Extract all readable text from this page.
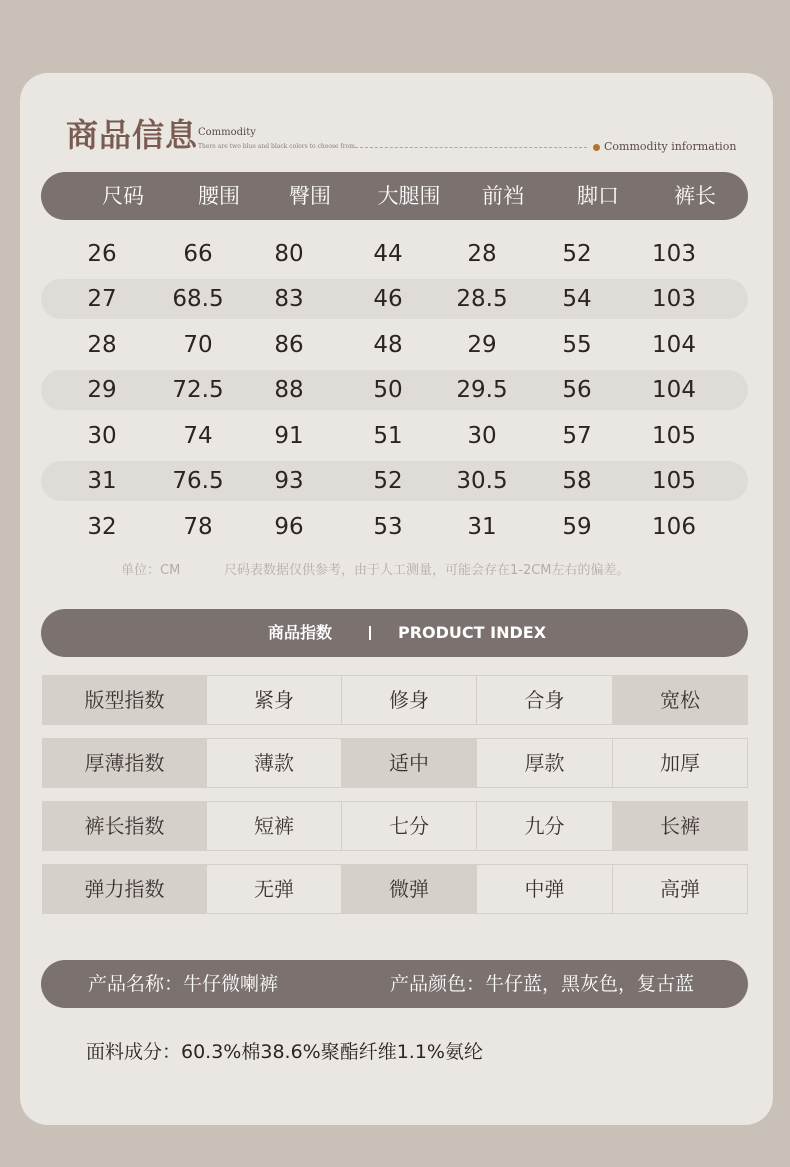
商品信息 Commodity
There are two blue and black colors to choose from	Commodity information
尺码	腰围	臀围	大腿围	前裆	脚口	裤长
26	66	80	44	28	52	103
27	68.5	83	46	28.5	54	103
28	70	86	48	29	55	104
29	72.5	88	50	29.5	56	104
30	74	91	51	30	57	105
31	76.5	93	52	30.5	58	105
32	78	96	53	31	59	106
单位：CM	尺码表数据仅供参考，由于人工测量，可能会存在1-2CM左右的偏差。
商品指数	PRODUCT INDEX
版型指数	紧身	修身	合身	宽松
厚薄指数	薄款	适中	厚款	加厚
裤长指数	短裤	七分	九分	长裤
弹力指数	无弹	微弹	中弹	高弹
产品名称：牛仔微喇裤	产品颜色：牛仔蓝，黑灰色，复古蓝
面料成分：60.3%棉38.6%聚酯纤维1.1%氨纶
